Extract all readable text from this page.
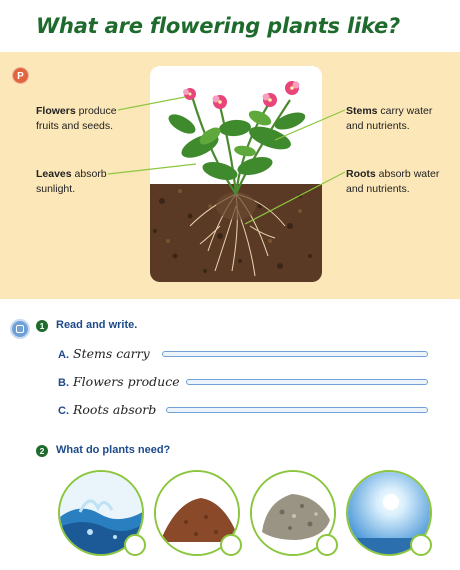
What are flowering plants like?
P
Flowers produce
fruits and seeds.
Leaves absorb
sunlight.
Stems carry water
and nutrients.
Roots absorb water
and nutrients.
1	Read and write.
A. Stems carry
B. Flowers produce
C. Roots absorb
2	What do plants need?
